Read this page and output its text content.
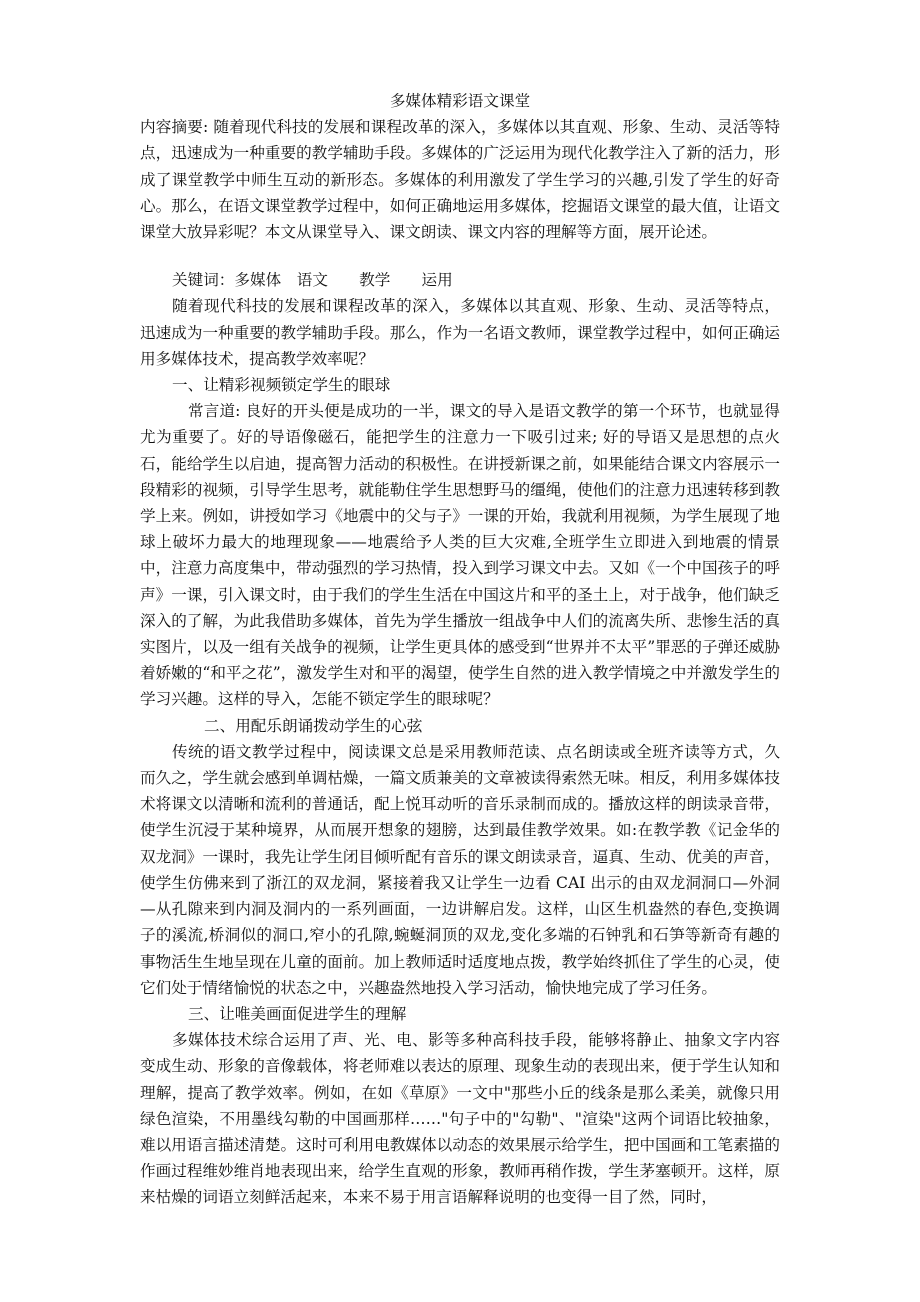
多媒体精彩语文课堂

内容摘要: 随着现代科技的发展和课程改革的深入，多媒体以其直观、形象、生动、灵活等特点，迅速成为一种重要的教学辅助手段。多媒体的广泛运用为现代化教学注入了新的活力，形成了课堂教学中师生互动的新形态。多媒体的利用激发了学生学习的兴趣,引发了学生的好奇心。那么，在语文课堂教学过程中，如何正确地运用多媒体，挖掘语文课堂的最大值，让语文课堂大放异彩呢？本文从课堂导入、课文朗读、课文内容的理解等方面，展开论述。

关键词：多媒体　语文　　教学　　运用

随着现代科技的发展和课程改革的深入，多媒体以其直观、形象、生动、灵活等特点，迅速成为一种重要的教学辅助手段。那么，作为一名语文教师，课堂教学过程中，如何正确运用多媒体技术，提高教学效率呢？

一、让精彩视频锁定学生的眼球

常言道: 良好的开头便是成功的一半，课文的导入是语文教学的第一个环节，也就显得尤为重要了。好的导语像磁石，能把学生的注意力一下吸引过来; 好的导语又是思想的点火石，能给学生以启迪，提高智力活动的积极性。在讲授新课之前，如果能结合课文内容展示一段精彩的视频，引导学生思考，就能勒住学生思想野马的缰绳，使他们的注意力迅速转移到教学上来。例如，讲授如学习《地震中的父与子》一课的开始，我就利用视频，为学生展现了地球上破坏力最大的地理现象——地震给予人类的巨大灾难,全班学生立即进入到地震的情景中，注意力高度集中，带动强烈的学习热情，投入到学习课文中去。又如《一个中国孩子的呼声》一课，引入课文时，由于我们的学生生活在中国这片和平的圣土上，对于战争，他们缺乏深入的了解，为此我借助多媒体，首先为学生播放一组战争中人们的流离失所、悲惨生活的真实图片，以及一组有关战争的视频，让学生更具体的感受到“世界并不太平”罪恶的子弹还威胁着娇嫩的“和平之花”，激发学生对和平的渴望，使学生自然的进入教学情境之中并激发学生的学习兴趣。这样的导入，怎能不锁定学生的眼球呢？

二、用配乐朗诵拨动学生的心弦

传统的语文教学过程中，阅读课文总是采用教师范读、点名朗读或全班齐读等方式，久而久之，学生就会感到单调枯燥，一篇文质兼美的文章被读得索然无味。相反，利用多媒体技术将课文以清晰和流利的普通话，配上悦耳动听的音乐录制而成的。播放这样的朗读录音带，使学生沉浸于某种境界，从而展开想象的翅膀，达到最佳教学效果。如:在教学教《记金华的双龙洞》一课时，我先让学生闭目倾听配有音乐的课文朗读录音，逼真、生动、优美的声音，使学生仿佛来到了浙江的双龙洞，紧接着我又让学生一边看 CAI 出示的由双龙洞洞口—外洞—从孔隙来到内洞及洞内的一系列画面，一边讲解启发。这样，山区生机盎然的春色,变换调子的溪流,桥洞似的洞口,窄小的孔隙,蜿蜒洞顶的双龙,变化多端的石钟乳和石笋等新奇有趣的事物活生生地呈现在儿童的面前。加上教师适时适度地点拨，教学始终抓住了学生的心灵，使它们处于情绪愉悦的状态之中，兴趣盎然地投入学习活动，愉快地完成了学习任务。

三、让唯美画面促进学生的理解

多媒体技术综合运用了声、光、电、影等多种高科技手段，能够将静止、抽象文字内容变成生动、形象的音像载体，将老师难以表达的原理、现象生动的表现出来，便于学生认知和理解，提高了教学效率。例如，在如《草原》一文中"那些小丘的线条是那么柔美，就像只用绿色渲染，不用墨线勾勒的中国画那样……"句子中的"勾勒"、"渲染"这两个词语比较抽象，难以用语言描述清楚。这时可利用电教媒体以动态的效果展示给学生，把中国画和工笔素描的作画过程维妙维肖地表现出来，给学生直观的形象，教师再稍作拨，学生茅塞顿开。这样，原来枯燥的词语立刻鲜活起来，本来不易于用言语解释说明的也变得一目了然，同时，
